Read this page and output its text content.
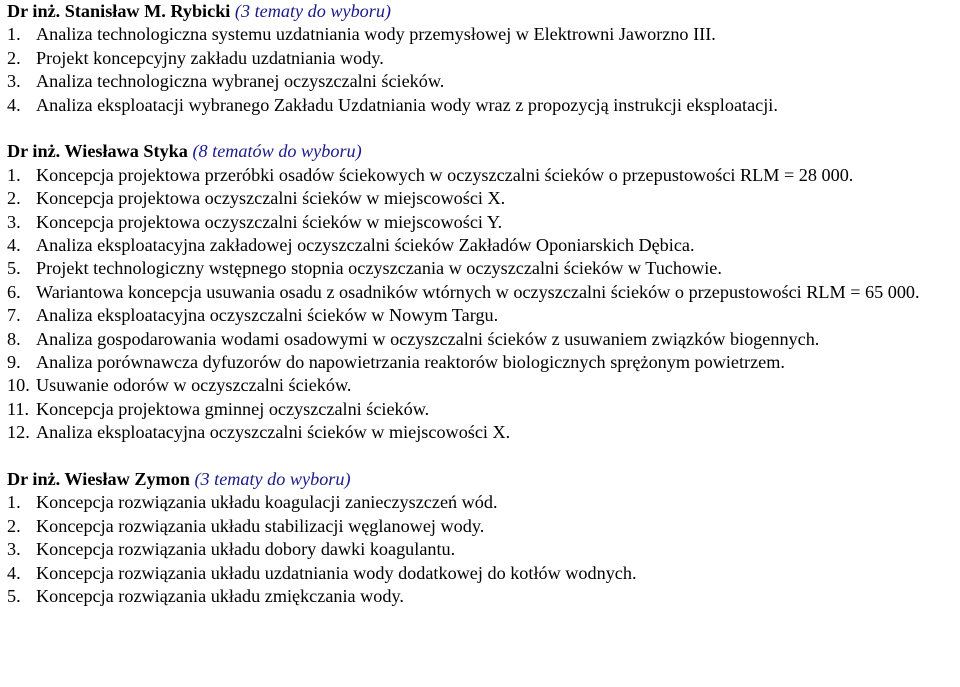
Dr inż. Stanisław M. Rybicki (3 tematy do wyboru)
1. Analiza technologiczna systemu uzdatniania wody przemysłowej w Elektrowni Jaworzno III.
2. Projekt koncepcyjny zakładu uzdatniania wody.
3. Analiza technologiczna wybranej oczyszczalni ścieków.
4. Analiza eksploatacji wybranego Zakładu Uzdatniania wody wraz z propozycją instrukcji eksploatacji.
Dr inż. Wiesława Styka (8 tematów do wyboru)
1. Koncepcja projektowa przeróbki osadów ściekowych w oczyszczalni ścieków o przepustowości RLM = 28 000.
2. Koncepcja projektowa oczyszczalni ścieków w miejscowości X.
3. Koncepcja projektowa oczyszczalni ścieków w miejscowości Y.
4. Analiza eksploatacyjna zakładowej oczyszczalni ścieków Zakładów Oponiarskich Dębica.
5. Projekt technologiczny wstępnego stopnia oczyszczania w oczyszczalni ścieków w Tuchowie.
6. Wariantowa koncepcja usuwania osadu z osadników wtórnych w oczyszczalni ścieków o przepustowości RLM = 65 000.
7. Analiza eksploatacyjna oczyszczalni ścieków w Nowym Targu.
8. Analiza gospodarowania wodami osadowymi w oczyszczalni ścieków z usuwaniem związków biogennych.
9. Analiza porównawcza dyfuzorów do napowietrzania reaktorów biologicznych sprężonym powietrzem.
10. Usuwanie odorów w oczyszczalni ścieków.
11. Koncepcja projektowa gminnej oczyszczalni ścieków.
12. Analiza eksploatacyjna oczyszczalni ścieków w miejscowości X.
Dr inż. Wiesław Zymon (3 tematy do wyboru)
1. Koncepcja rozwiązania układu koagulacji zanieczyszczeń wód.
2. Koncepcja rozwiązania układu stabilizacji węglanowej wody.
3. Koncepcja rozwiązania układu dobory dawki koagulantu.
4. Koncepcja rozwiązania układu uzdatniania wody dodatkowej do kotłów wodnych.
5. Koncepcja rozwiązania układu zmiękczania wody.
